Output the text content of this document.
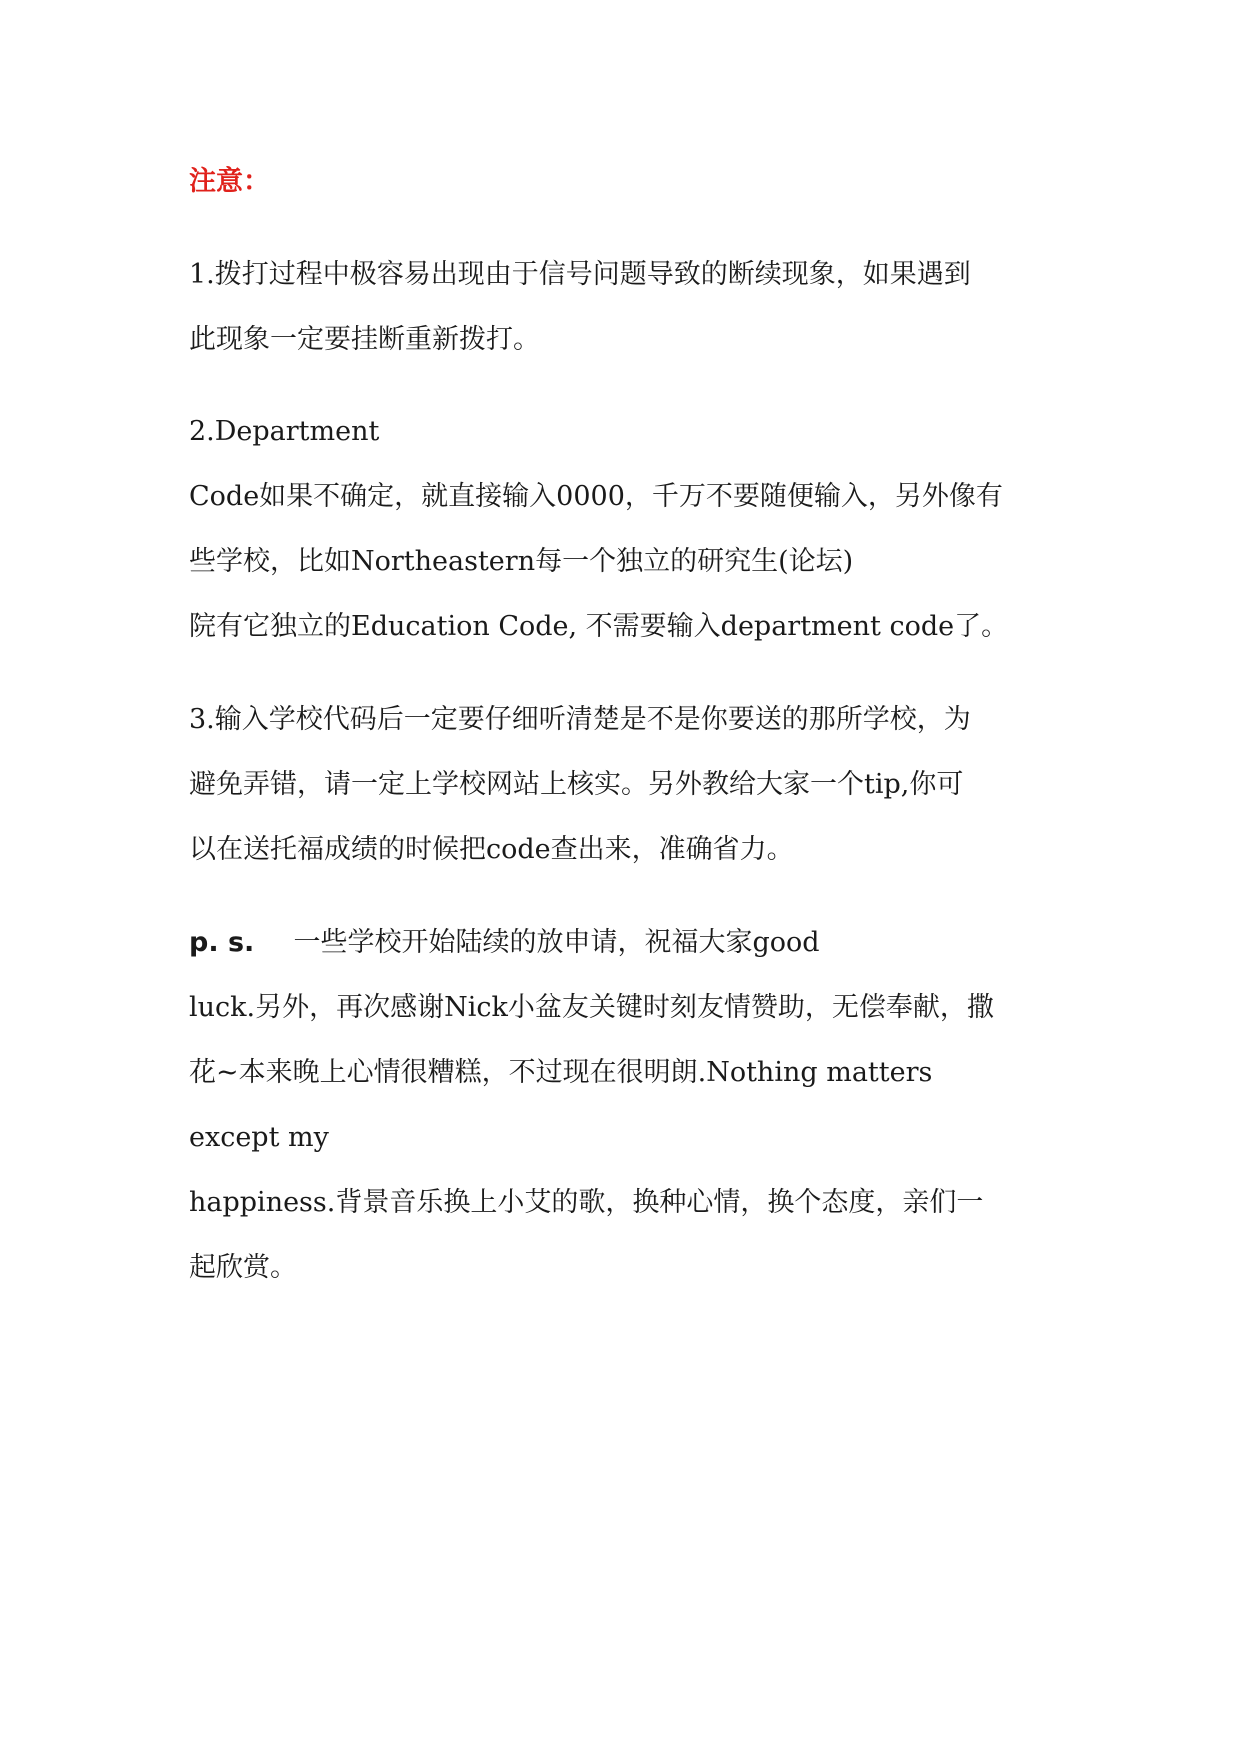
注意：
1.拨打过程中极容易出现由于信号问题导致的断续现象，如果遇到
此现象一定要挂断重新拨打。
2.Department
Code如果不确定，就直接输入0000，千万不要随便输入，另外像有
些学校，比如Northeastern每一个独立的研究生(论坛)
院有它独立的Education Code, 不需要输入department code了。
3.输入学校代码后一定要仔细听清楚是不是你要送的那所学校，为
避免弄错，请一定上学校网站上核实。另外教给大家一个tip,你可
以在送托福成绩的时候把code查出来，准确省力。
p. s. 一些学校开始陆续的放申请，祝福大家good
luck.另外，再次感谢Nick小盆友关键时刻友情赞助，无偿奉献，撒
花~本来晚上心情很糟糕，不过现在很明朗.Nothing matters
except my
happiness.背景音乐换上小艾的歌，换种心情，换个态度，亲们一
起欣赏。
